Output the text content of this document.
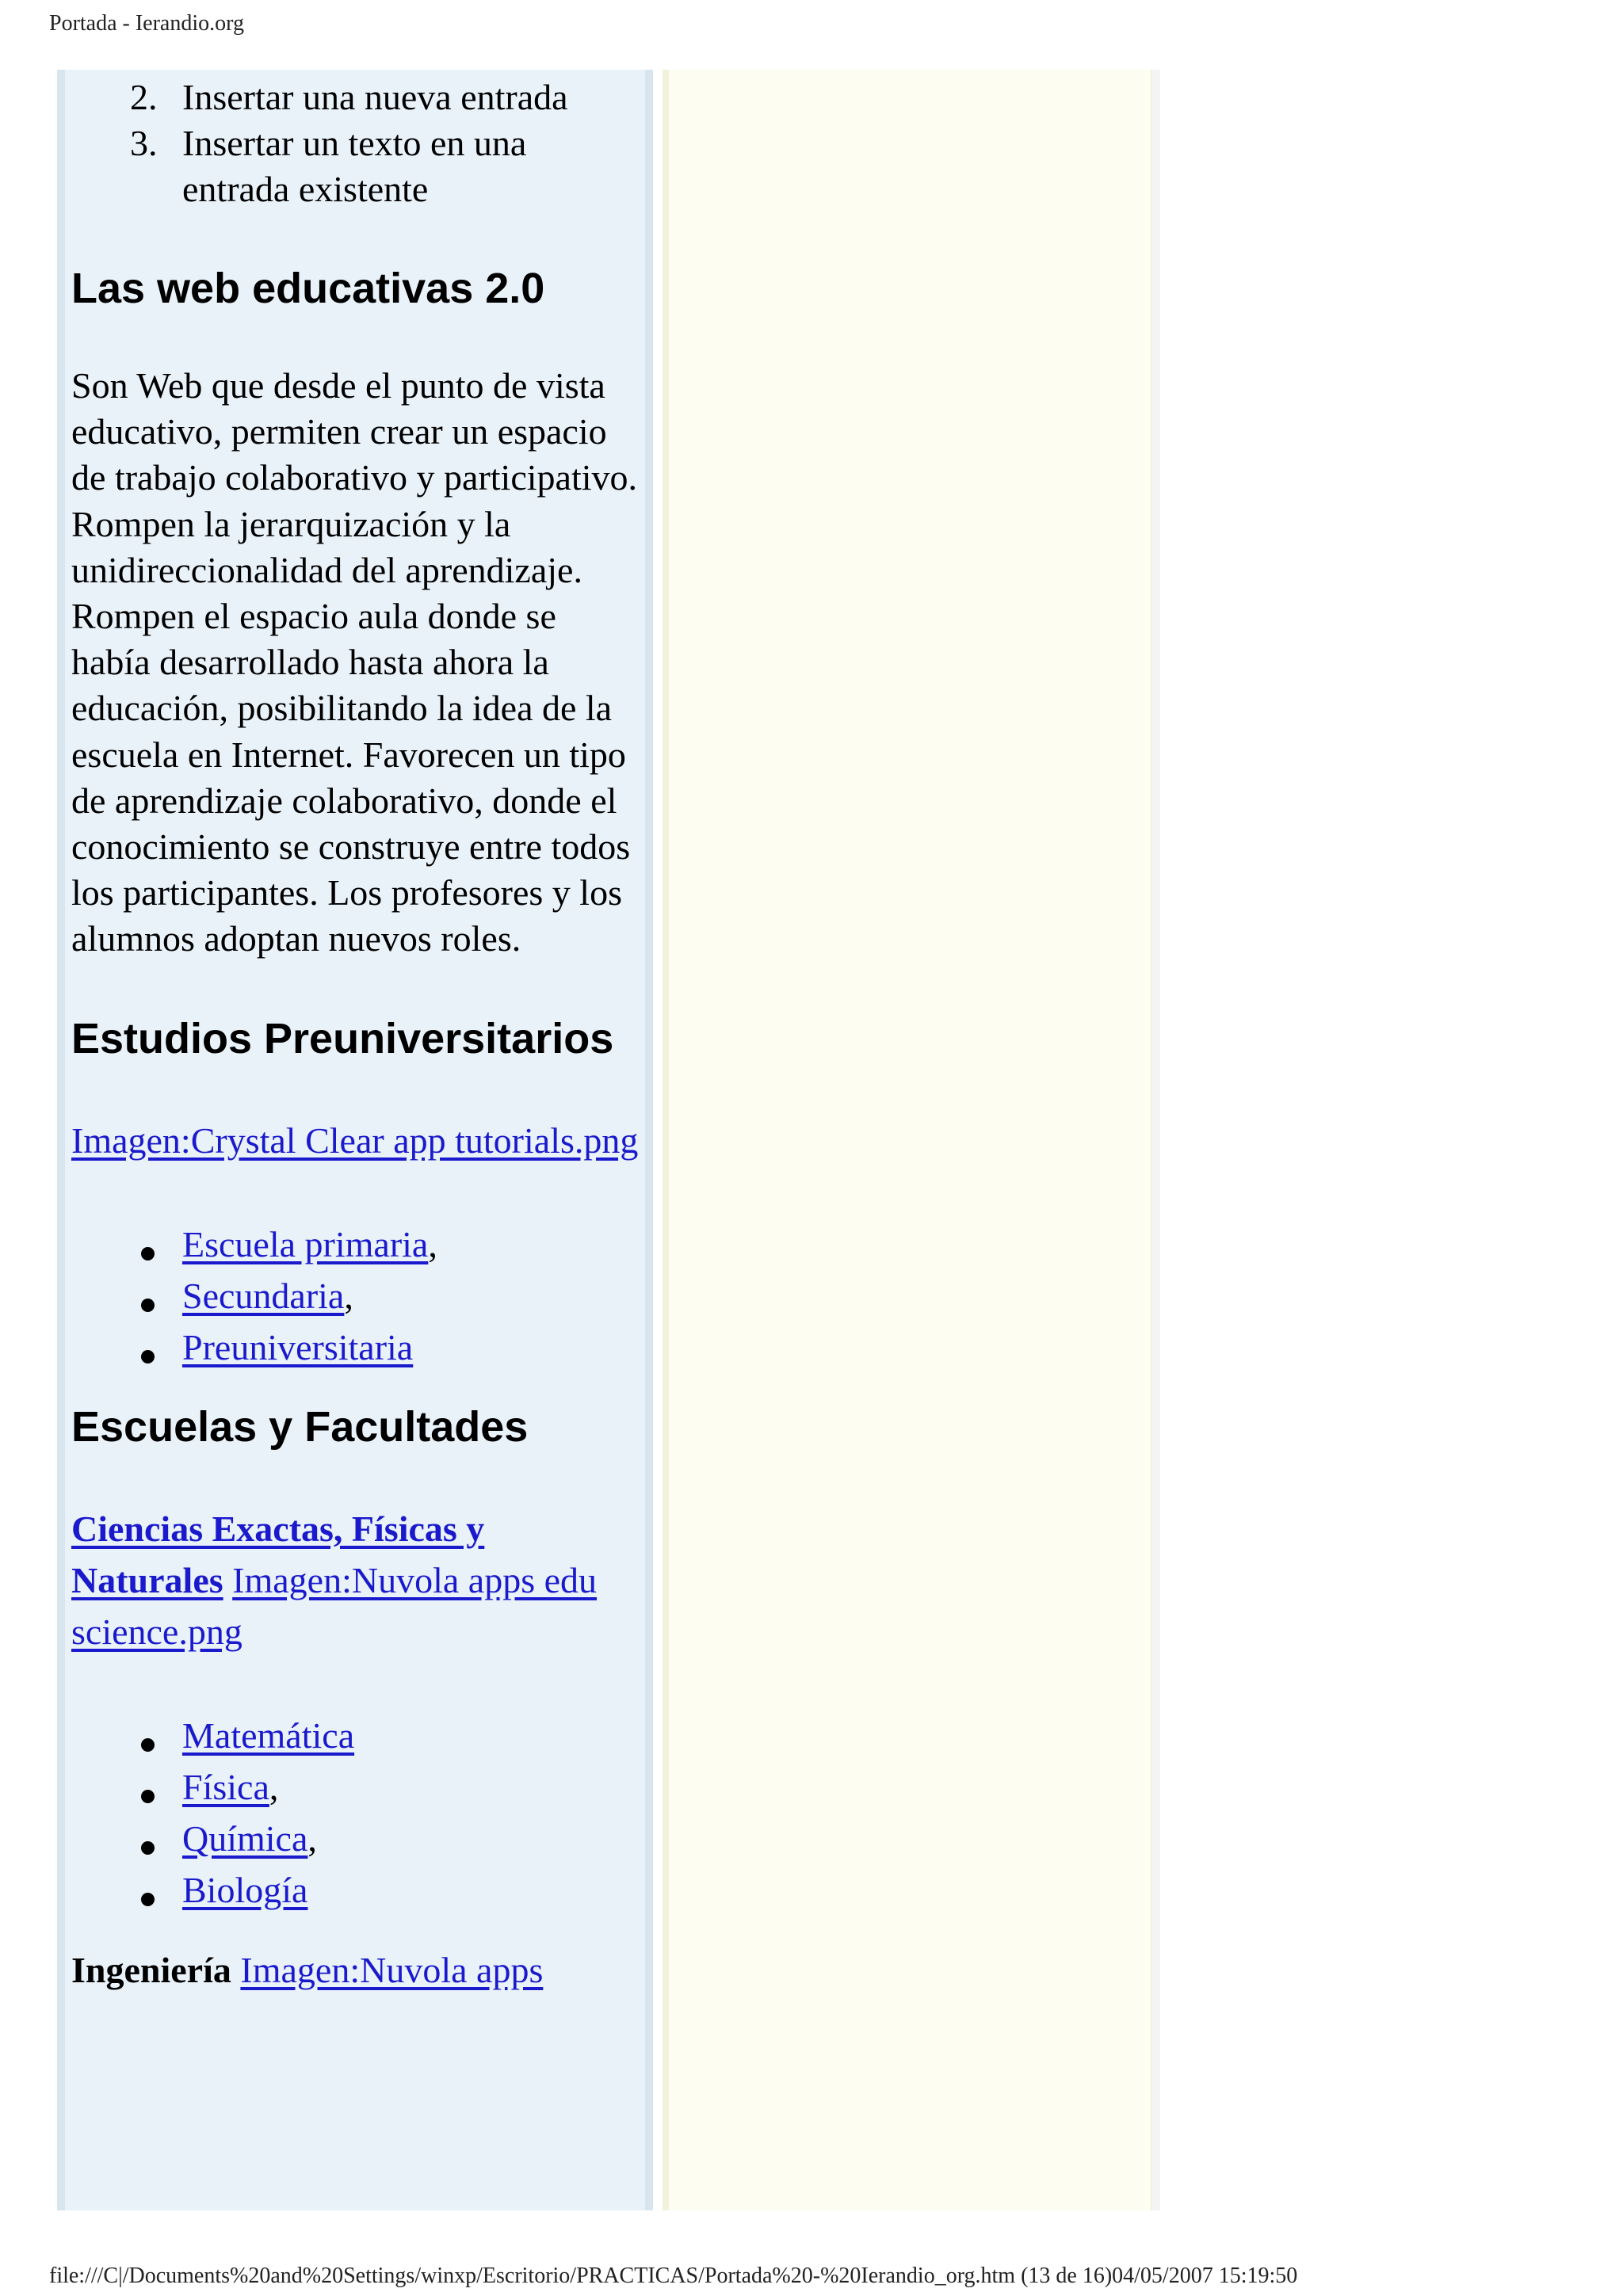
Portada - Ierandio.org
2. Insertar una nueva entrada
3. Insertar un texto en una entrada existente
Las web educativas 2.0

Son Web que desde el punto de vista educativo, permiten crear un espacio de trabajo colaborativo y participativo. Rompen la jerarquización y la unidireccionalidad del aprendizaje. Rompen el espacio aula donde se había desarrollado hasta ahora la educación, posibilitando la idea de la escuela en Internet. Favorecen un tipo de aprendizaje colaborativo, donde el conocimiento se construye entre todos los participantes. Los profesores y los alumnos adoptan nuevos roles.

Estudios Preuniversitarios

Imagen:Crystal Clear app tutorials.png

Escuela primaria,
Secundaria,
Preuniversitaria
Escuelas y Facultades

Ciencias Exactas, Físicas y Naturales Imagen:Nuvola apps edu science.png

Matemática
Física,
Química,
Biología

Ingeniería Imagen:Nuvola apps

file:///C|/Documents%20and%20Settings/winxp/Escritorio/PRACTICAS/Portada%20-%20Ierandio_org.htm (13 de 16)04/05/2007 15:19:50
